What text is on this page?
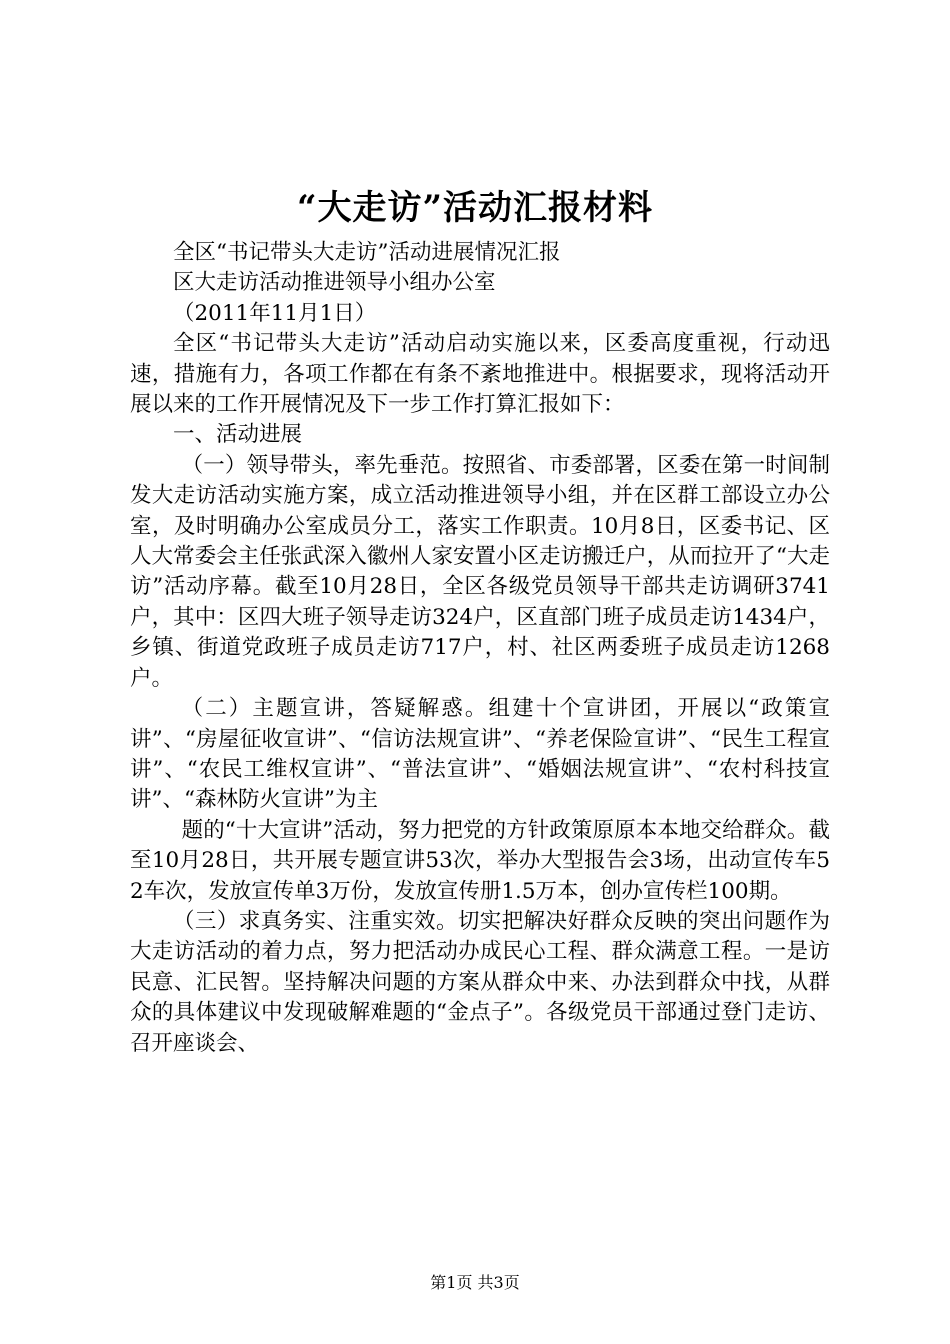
“大走访”活动汇报材料

全区“书记带头大走访”活动进展情况汇报

区大走访活动推进领导小组办公室

（2011年11月1日）

全区“书记带头大走访”活动启动实施以来，区委高度重视，行动迅速，措施有力，各项工作都在有条不紊地推进中。根据要求，现将活动开展以来的工作开展情况及下一步工作打算汇报如下：

一、活动进展

（一）领导带头，率先垂范。按照省、市委部署，区委在第一时间制发大走访活动实施方案，成立活动推进领导小组，并在区群工部设立办公室，及时明确办公室成员分工，落实工作职责。10月8日，区委书记、区人大常委会主任张武深入徽州人家安置小区走访搬迁户，从而拉开了“大走访”活动序幕。截至10月28日，全区各级党员领导干部共走访调研3741户，其中：区四大班子领导走访324户，区直部门班子成员走访1434户，乡镇、街道党政班子成员走访717户，村、社区两委班子成员走访1268户。

（二）主题宣讲，答疑解惑。组建十个宣讲团，开展以“政策宣讲”、“房屋征收宣讲”、“信访法规宣讲”、“养老保险宣讲”、“民生工程宣讲”、“农民工维权宣讲”、“普法宣讲”、“婚姻法规宣讲”、“农村科技宣讲”、“森林防火宣讲”为主

题的“十大宣讲”活动，努力把党的方针政策原原本本地交给群众。截至10月28日，共开展专题宣讲53次，举办大型报告会3场，出动宣传车52车次，发放宣传单3万份，发放宣传册1.5万本，创办宣传栏100期。

（三）求真务实、注重实效。切实把解决好群众反映的突出问题作为大走访活动的着力点，努力把活动办成民心工程、群众满意工程。一是访民意、汇民智。坚持解决问题的方案从群众中来、办法到群众中找，从群众的具体建议中发现破解难题的“金点子”。各级党员干部通过登门走访、召开座谈会、

第1页 共3页
